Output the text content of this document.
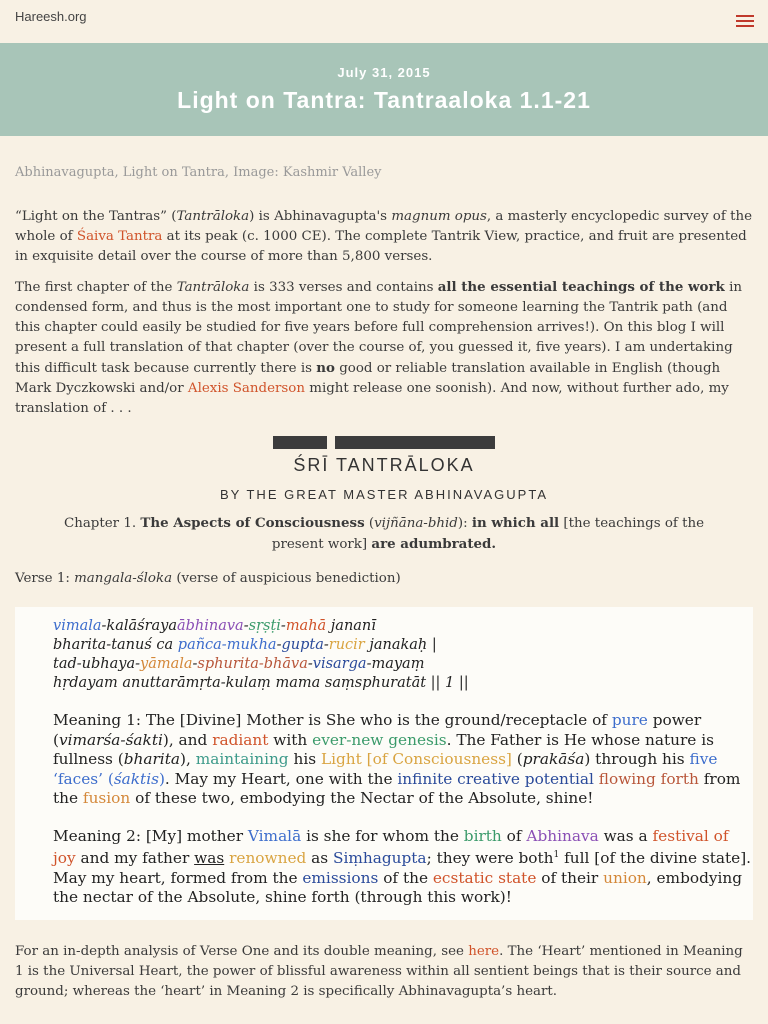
Hareesh.org
July 31, 2015
Light on Tantra: Tantraaloka 1.1-21
Abhinavagupta, Light on Tantra, Image: Kashmir Valley

“Light on the Tantras” (Tantrāloka) is Abhinavagupta's magnum opus, a masterly encyclopedic survey of the whole of Śaiva Tantra at its peak (c. 1000 CE). The complete Tantrik View, practice, and fruit are presented in exquisite detail over the course of more than 5,800 verses.

The first chapter of the Tantrāloka is 333 verses and contains all the essential teachings of the work in condensed form, and thus is the most important one to study for someone learning the Tantrik path (and this chapter could easily be studied for five years before full comprehension arrives!). On this blog I will present a full translation of that chapter (over the course of, you guessed it, five years). I am undertaking this difficult task because currently there is no good or reliable translation available in English (though Mark Dyczkowski and/or Alexis Sanderson might release one soonish). And now, without further ado, my translation of . . .

ŚRĪ TANTRĀLOKA
BY THE GREAT MASTER ABHINAVAGUPTA
Chapter 1. The Aspects of Consciousness (vijñāna-bhid): in which all [the teachings of the present work] are adumbrated.

Verse 1: mangala-śloka (verse of auspicious benediction)

vimala-kalāśrayaābhinava-sṛṣṭi-mahā jananī
bharita-tanuś ca pañca-mukha-gupta-rucir janakaḥ |
tad-ubhaya-yāmala-sphurita-bhāva-visarga-mayaṃ
hṛdayam anuttarāmṛta-kulaṃ mama saṃsphuratāt || 1 ||
Meaning 1: The [Divine] Mother is She who is the ground/receptacle of pure power (vimarśa-śakti), and radiant with ever-new genesis. The Father is He whose nature is fullness (bharita), maintaining his Light [of Consciousness] (prakāśa) through his five ‘faces’ (śaktis). May my Heart, one with the infinite creative potential flowing forth from the fusion of these two, embodying the Nectar of the Absolute, shine!
Meaning 2: [My] mother Vimalā is she for whom the birth of Abhinava was a festival of joy and my father was renowned as Siṃhagupta; they were both$^1$ full [of the divine state]. May my heart, formed from the emissions of the ecstatic state of their union, embodying the nectar of the Absolute, shine forth (through this work)!

For an in-depth analysis of Verse One and its double meaning, see here. The ‘Heart’ mentioned in Meaning 1 is the Universal Heart, the power of blissful awareness within all sentient beings that is their source and ground; whereas the ‘heart’ in Meaning 2 is specifically Abhinavagupta’s heart.
